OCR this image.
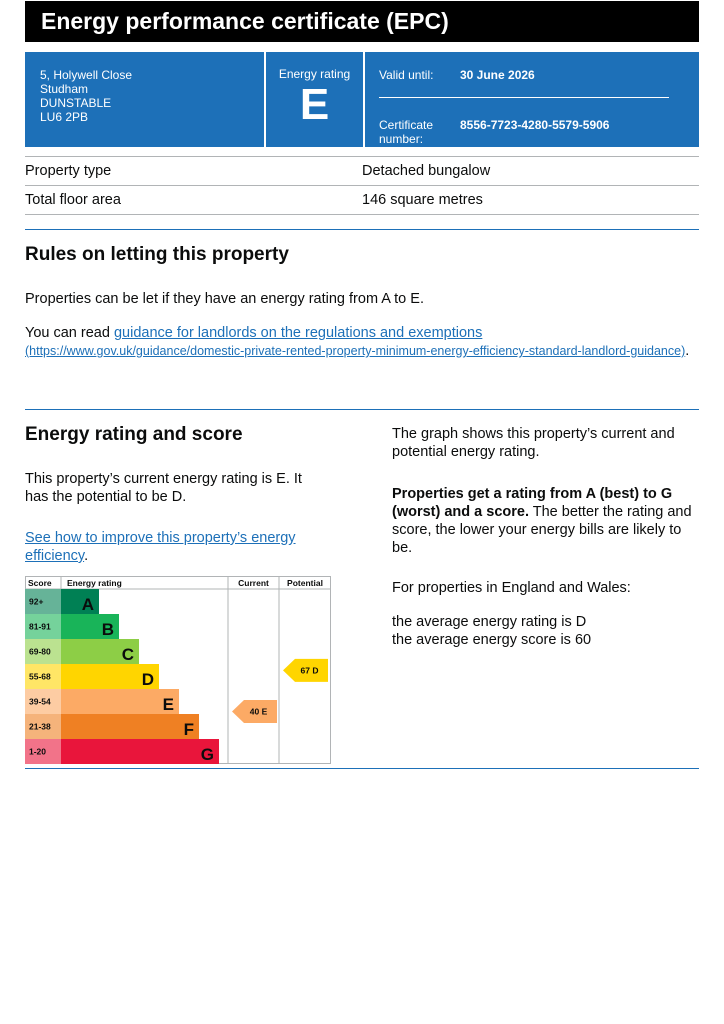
Energy performance certificate (EPC)
5, Holywell Close
Studham
DUNSTABLE
LU6 2PB
Energy rating
E
Valid until:	30 June 2026
Certificate
number:
8556-7723-4280-5579-5906
Property type	Detached bungalow
Total floor area	146 square metres
Rules on letting this property
Properties can be let if they have an energy rating from A to E.
You can read guidance for landlords on the regulations and exemptions
(https://www.gov.uk/guidance/domestic-private-rented-property-minimum-energy-efficiency-standard-landlord-guidance).
Energy rating and score
This property’s current energy rating is E. It has the potential to be D.
See how to improve this property’s energy efficiency.
Score Energy rating	Current Potential
92+ A
81-91	B
69-80	C
55-68	D
39-54	E
21-38	F
1-20	G
40 E
67 D
The graph shows this property’s current and potential energy rating.
Properties get a rating from A (best) to G (worst) and a score. The better the rating and score, the lower your energy bills are likely to be.
For properties in England and Wales:
the average energy rating is D
the average energy score is 60
